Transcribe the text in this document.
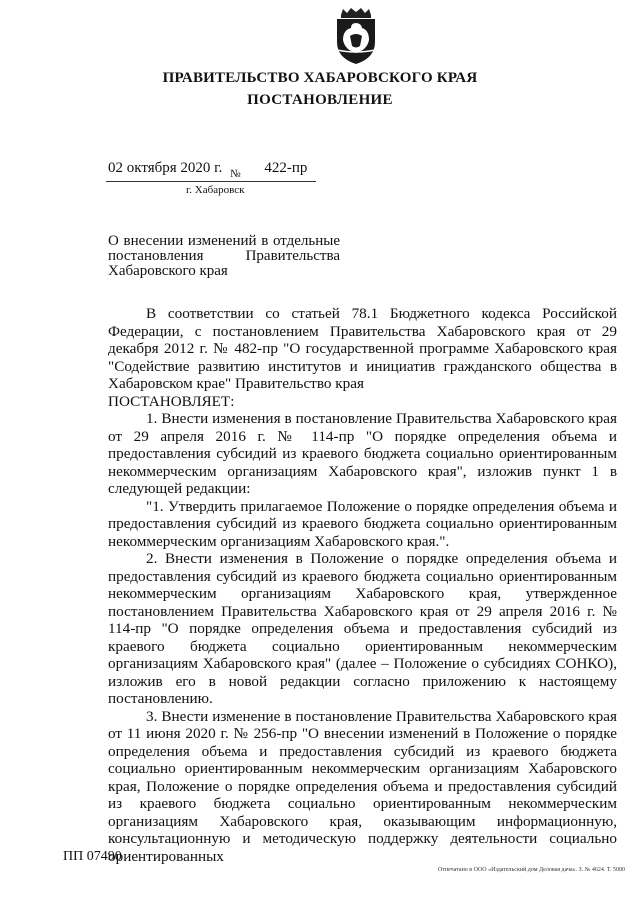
ПРАВИТЕЛЬСТВО ХАБАРОВСКОГО КРАЯ
ПОСТАНОВЛЕНИЕ
02 октября 2020 г. $_№$ 422-пр
г. Хабаровск
О внесении изменений в отдельные постановления Правительства Хабаровского края

В соответствии со статьей 78.1 Бюджетного кодекса Российской Федерации, с постановлением Правительства Хабаровского края от 29 декабря 2012 г. № 482-пр "О государственной программе Хабаровского края "Содействие развитию институтов и инициатив гражданского общества в Хабаровском крае" Правительство края

ПОСТАНОВЛЯЕТ:

1. Внести изменения в постановление Правительства Хабаровского края от 29 апреля 2016 г. № 114-пр "О порядке определения объема и предоставления субсидий из краевого бюджета социально ориентированным некоммерческим организациям Хабаровского края", изложив пункт 1 в следующей редакции:

"1. Утвердить прилагаемое Положение о порядке определения объема и предоставления субсидий из краевого бюджета социально ориентированным некоммерческим организациям Хабаровского края.".

2. Внести изменения в Положение о порядке определения объема и предоставления субсидий из краевого бюджета социально ориентированным некоммерческим организациям Хабаровского края, утвержденное постановлением Правительства Хабаровского края от 29 апреля 2016 г. № 114-пр "О порядке определения объема и предоставления субсидий из краевого бюджета социально ориентированным некоммерческим организациям Хабаровского края" (далее – Положение о субсидиях СОНКО), изложив его в новой редакции согласно приложению к настоящему постановлению.

3. Внести изменение в постановление Правительства Хабаровского края от 11 июня 2020 г. № 256-пр "О внесении изменений в Положение о порядке определения объема и предоставления субсидий из краевого бюджета социально ориентированным некоммерческим организациям Хабаровского края, Положение о порядке определения объема и предоставления субсидий из краевого бюджета социально ориентированным некоммерческим организациям Хабаровского края, оказывающим информационную, консультационную и методическую поддержку деятельности социально ориентированных

ПП 07490
Отпечатано в ООО «Издательский дом Деловая дача». З. № 4624. Т. 5000
